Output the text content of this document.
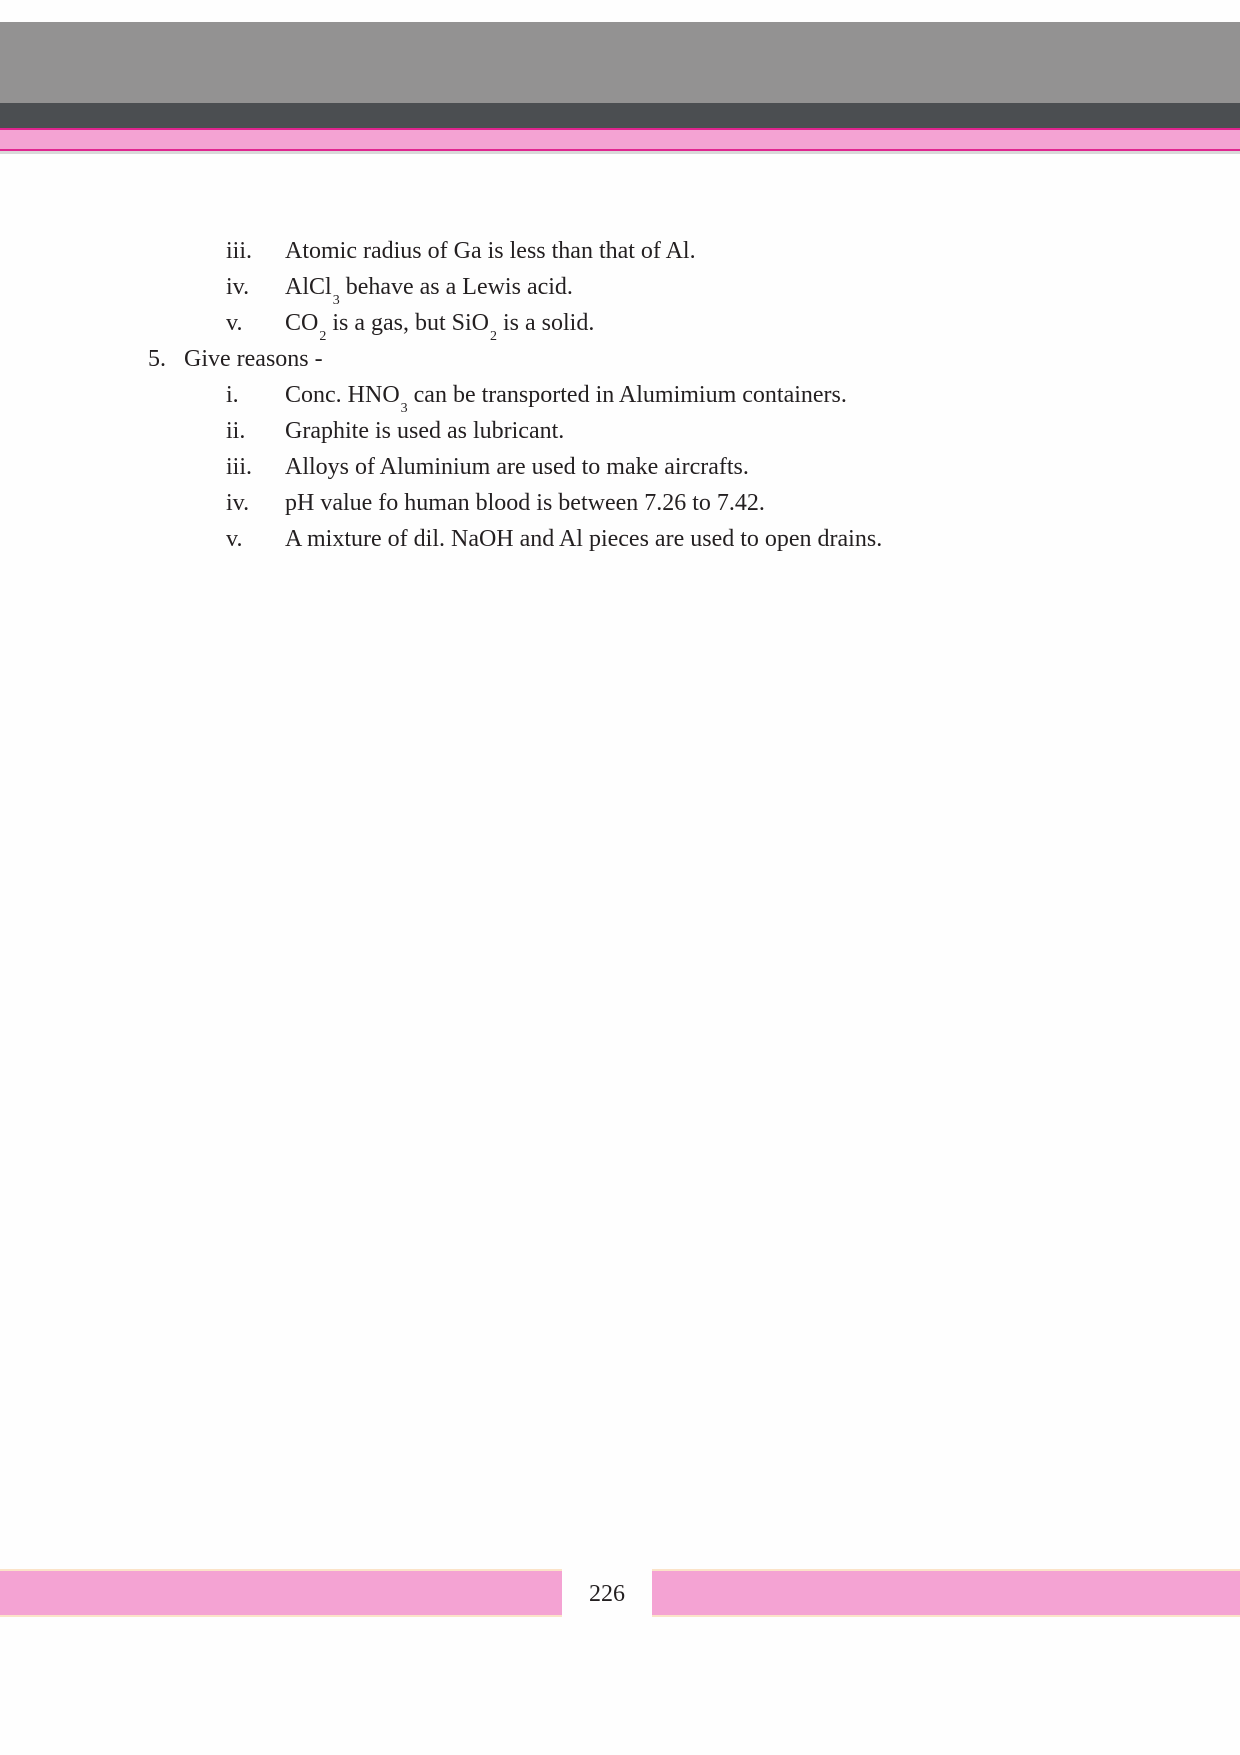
iii. Atomic radius of Ga is less than that of Al.
iv. AlCl$_3$ behave as a Lewis acid.
v. $CO_2$ is a gas, but SiO$_2$ is a solid.
5. Give reasons -
i. Conc. $HNO_3$ can be transported in Alumimium containers.
ii. Graphite is used as lubricant.
iii. Alloys of Aluminium are used to make aircrafts.
iv. pH value fo human blood is between 7.26 to 7.42.
v. A mixture of dil. NaOH and Al pieces are used to open drains.
226
